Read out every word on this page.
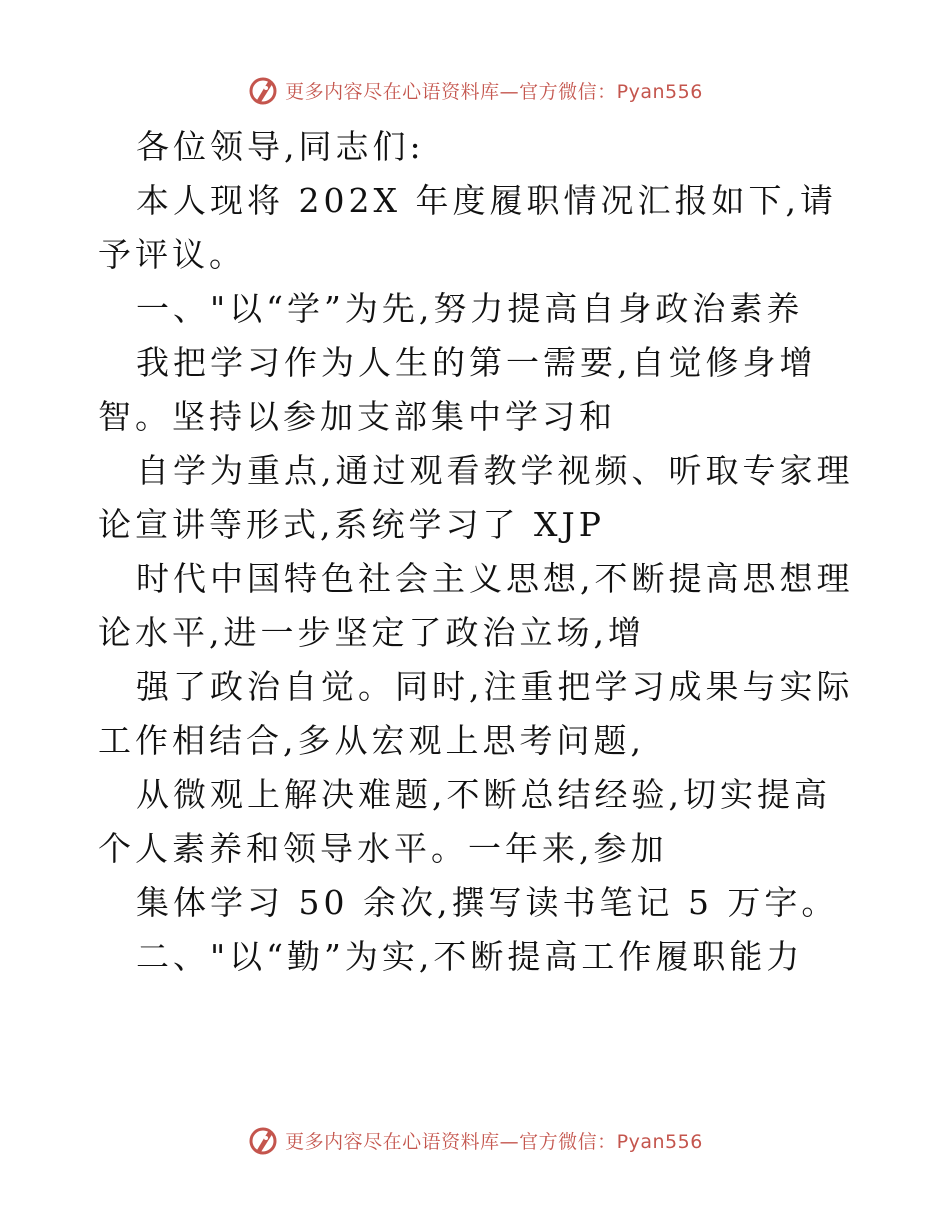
更多内容尽在心语资料库—官方微信：Pyan556

各位领导,同志们:

本人现将 202X 年度履职情况汇报如下,请予评议。

一、"以“学”为先,努力提高自身政治素养

我把学习作为人生的第一需要,自觉修身增智。坚持以参加支部集中学习和

自学为重点,通过观看教学视频、听取专家理论宣讲等形式,系统学习了 XJP

时代中国特色社会主义思想,不断提高思想理论水平,进一步坚定了政治立场,增

强了政治自觉。同时,注重把学习成果与实际工作相结合,多从宏观上思考问题,

从微观上解决难题,不断总结经验,切实提高个人素养和领导水平。一年来,参加

集体学习 50 余次,撰写读书笔记 5 万字。

二、"以“勤”为实,不断提高工作履职能力

更多内容尽在心语资料库—官方微信：Pyan556
